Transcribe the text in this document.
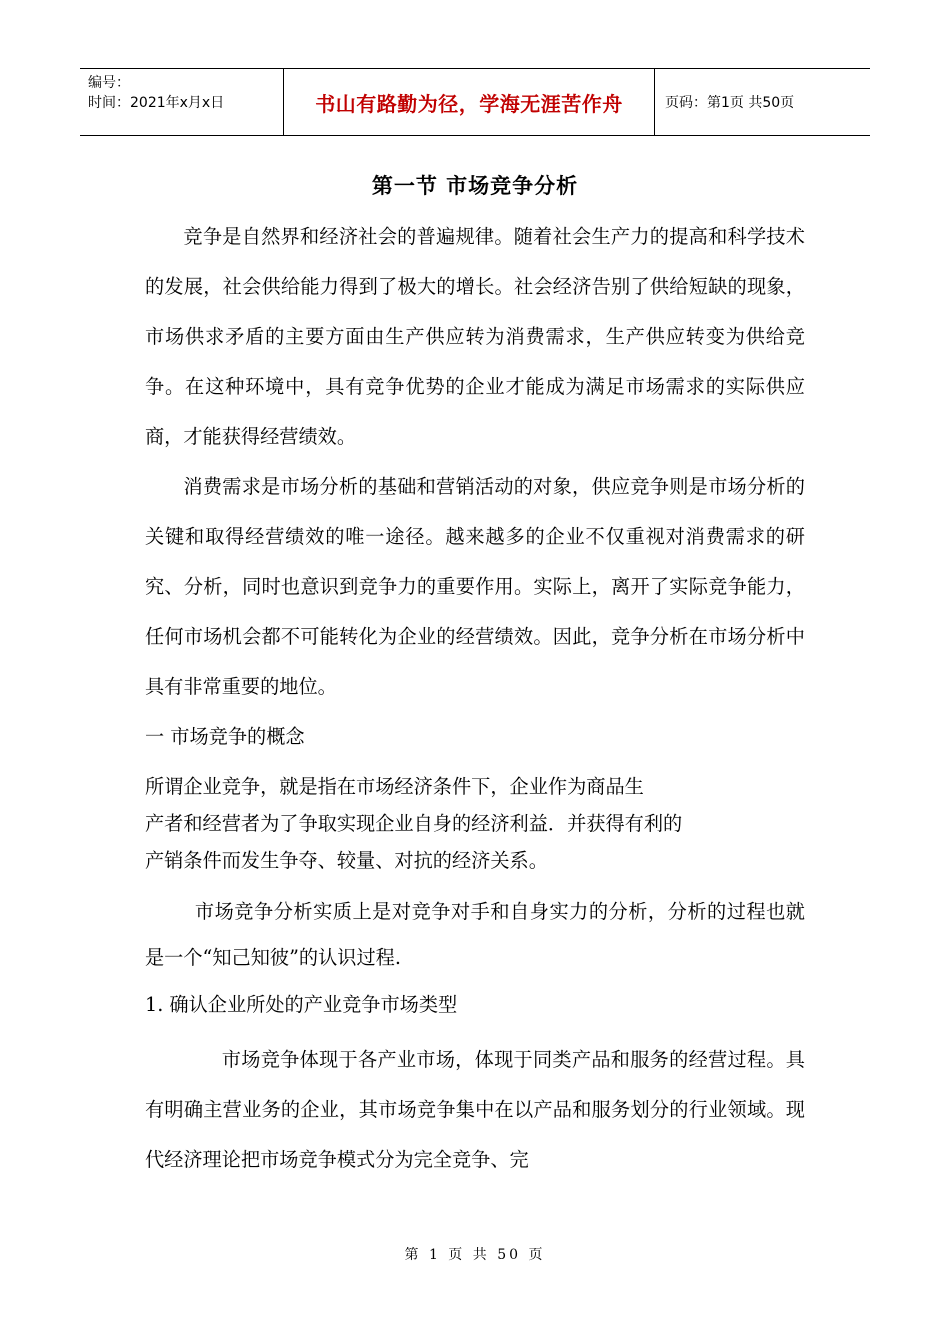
编号：
时间：2021年x月x日	书山有路勤为径，学海无涯苦作舟	页码：第1页 共50页
第一节 市场竞争分析

竞争是自然界和经济社会的普遍规律。随着社会生产力的提高和科学技术的发展，社会供给能力得到了极大的增长。社会经济告别了供给短缺的现象，市场供求矛盾的主要方面由生产供应转为消费需求，生产供应转变为供给竞争。在这种环境中，具有竞争优势的企业才能成为满足市场需求的实际供应商，才能获得经营绩效。

消费需求是市场分析的基础和营销活动的对象，供应竞争则是市场分析的关键和取得经营绩效的唯一途径。越来越多的企业不仅重视对消费需求的研究、分析，同时也意识到竞争力的重要作用。实际上，离开了实际竞争能力，任何市场机会都不可能转化为企业的经营绩效。因此，竞争分析在市场分析中具有非常重要的地位。

一 市场竞争的概念

所谓企业竞争，就是指在市场经济条件下，企业作为商品生
产者和经营者为了争取实现企业自身的经济利益．并获得有利的
产销条件而发生争夺、较量、对抗的经济关系。

市场竞争分析实质上是对竞争对手和自身实力的分析，分析的过程也就是一个“知己知彼”的认识过程.

1. 确认企业所处的产业竞争市场类型

市场竞争体现于各产业市场，体现于同类产品和服务的经营过程。具有明确主营业务的企业，其市场竞争集中在以产品和服务划分的行业领域。现代经济理论把市场竞争模式分为完全竞争、完

第 1 页 共 50 页
